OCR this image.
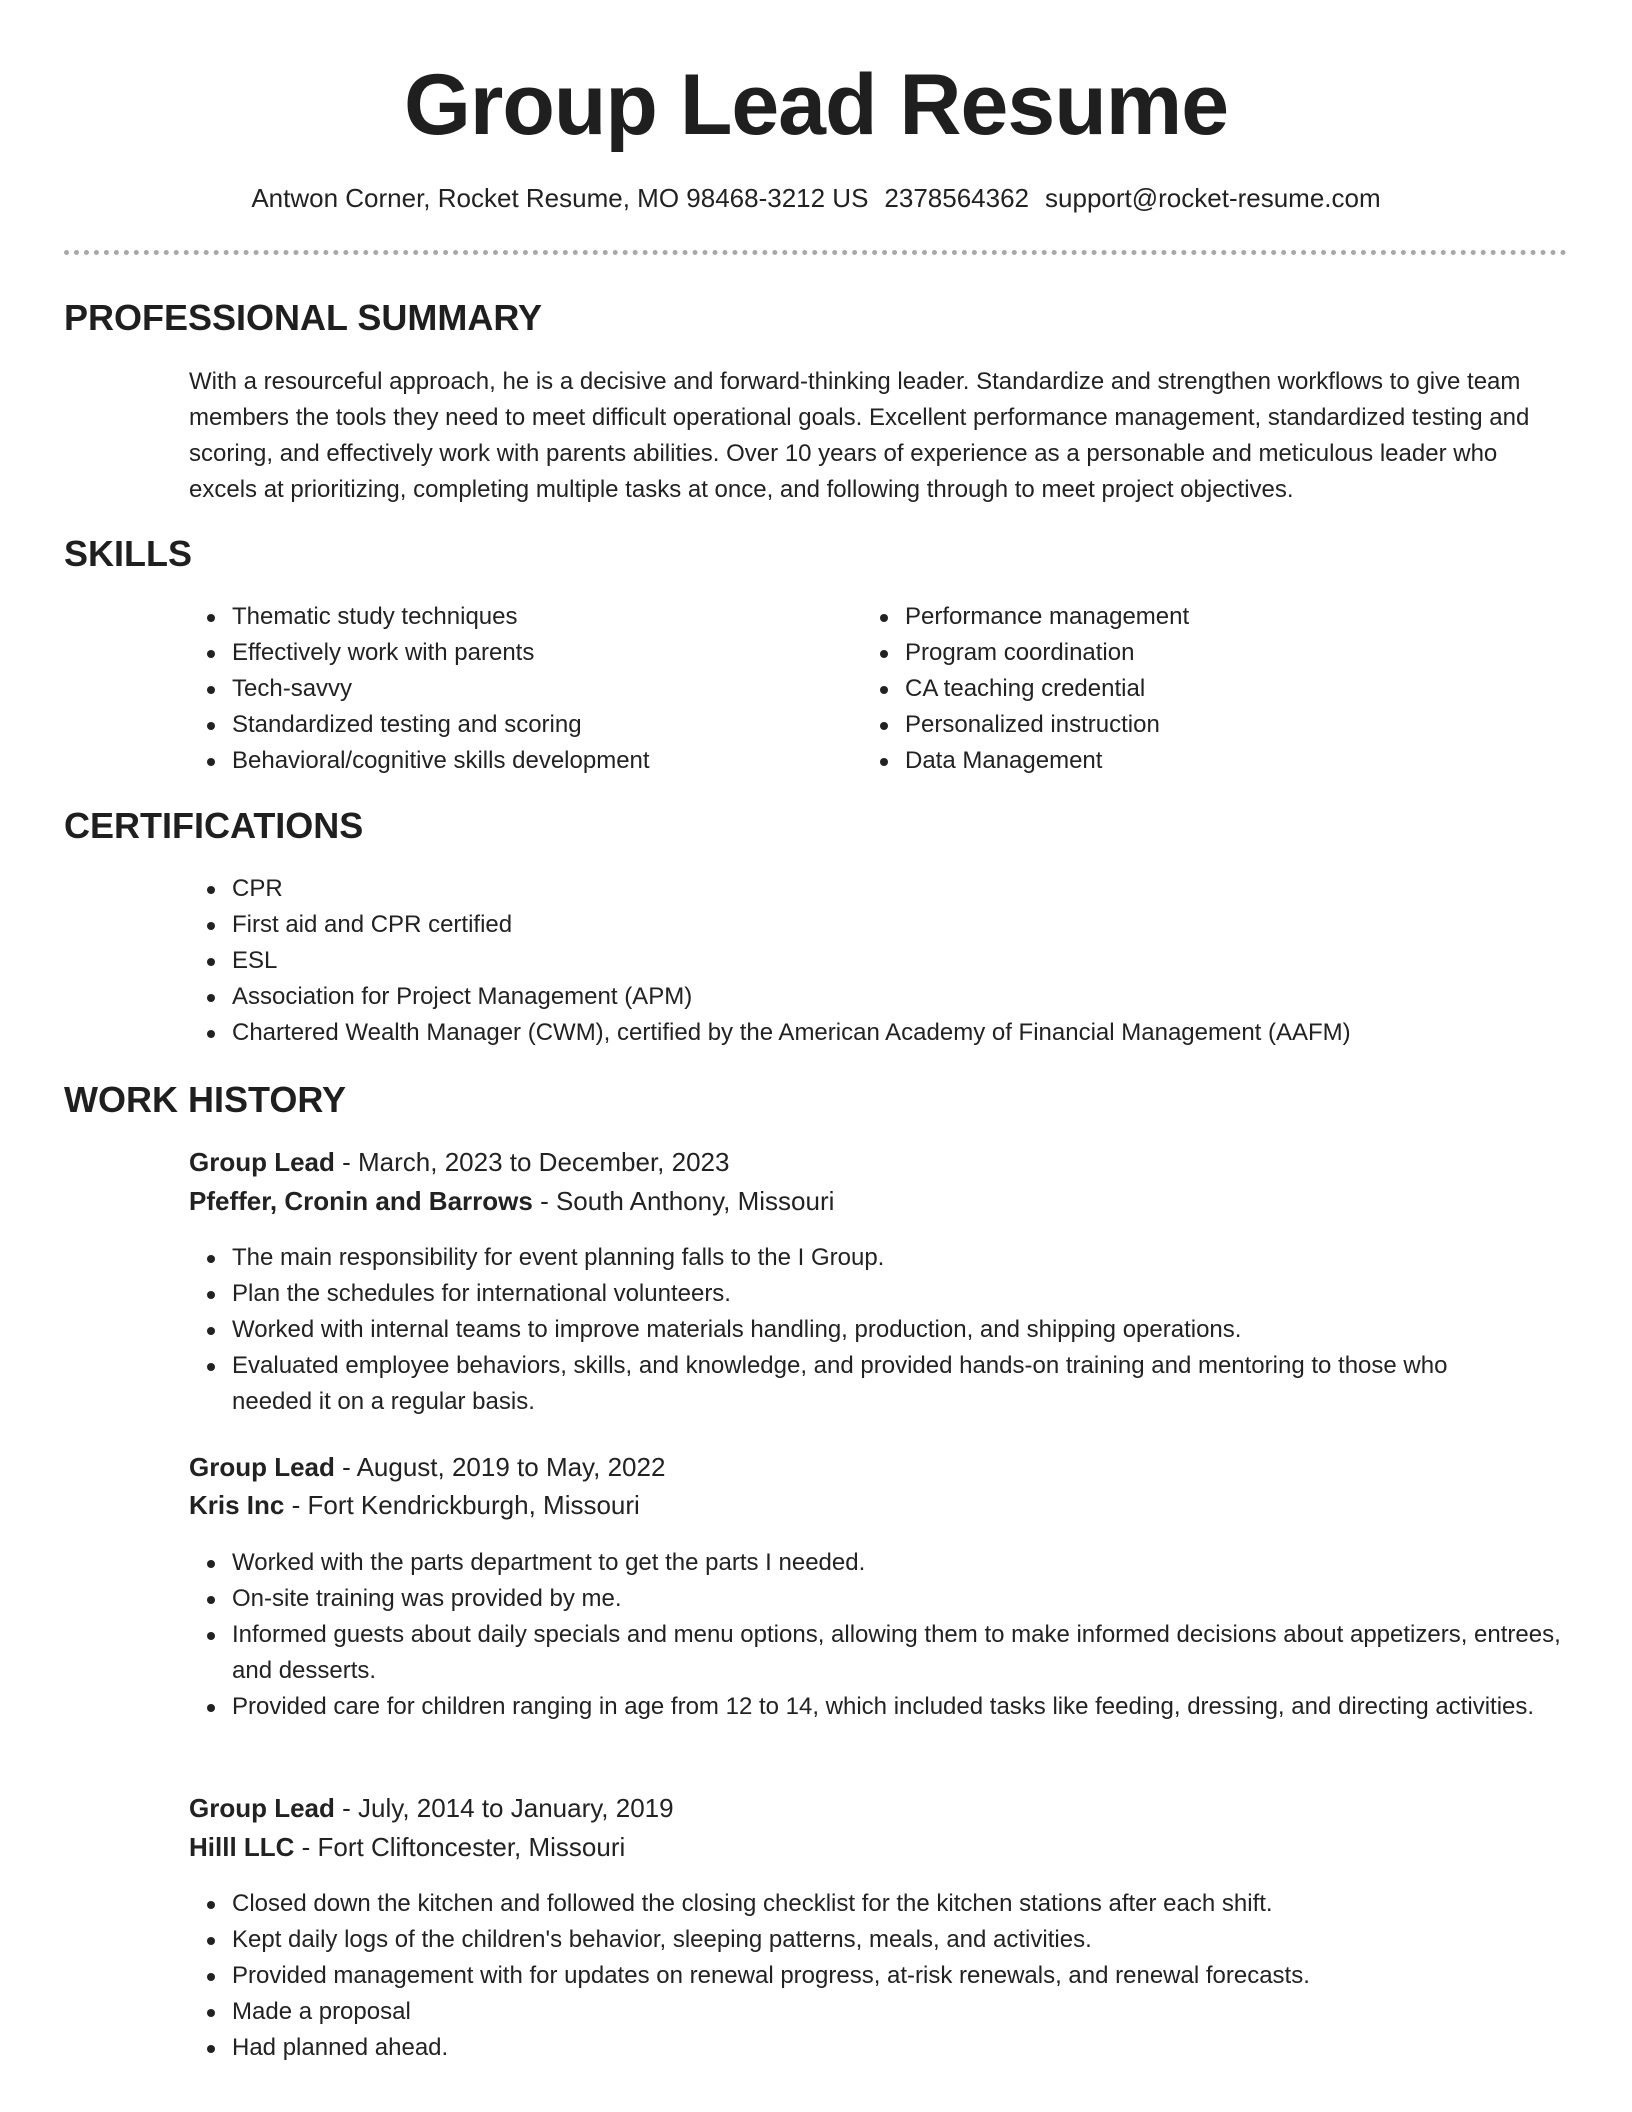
Group Lead Resume
Antwon Corner, Rocket Resume, MO 98468-3212 US 2378564362 support@rocket-resume.com
PROFESSIONAL SUMMARY
With a resourceful approach, he is a decisive and forward-thinking leader. Standardize and strengthen workflows to give team members the tools they need to meet difficult operational goals. Excellent performance management, standardized testing and scoring, and effectively work with parents abilities. Over 10 years of experience as a personable and meticulous leader who excels at prioritizing, completing multiple tasks at once, and following through to meet project objectives.
SKILLS
Thematic study techniques
Effectively work with parents
Tech-savvy
Standardized testing and scoring
Behavioral/cognitive skills development
Performance management
Program coordination
CA teaching credential
Personalized instruction
Data Management
CERTIFICATIONS
CPR
First aid and CPR certified
ESL
Association for Project Management (APM)
Chartered Wealth Manager (CWM), certified by the American Academy of Financial Management (AAFM)
WORK HISTORY
Group Lead - March, 2023 to December, 2023
Pfeffer, Cronin and Barrows - South Anthony, Missouri
The main responsibility for event planning falls to the I Group.
Plan the schedules for international volunteers.
Worked with internal teams to improve materials handling, production, and shipping operations.
Evaluated employee behaviors, skills, and knowledge, and provided hands-on training and mentoring to those who needed it on a regular basis.
Group Lead - August, 2019 to May, 2022
Kris Inc - Fort Kendrickburgh, Missouri
Worked with the parts department to get the parts I needed.
On-site training was provided by me.
Informed guests about daily specials and menu options, allowing them to make informed decisions about appetizers, entrees, and desserts.
Provided care for children ranging in age from 12 to 14, which included tasks like feeding, dressing, and directing activities.
Group Lead - July, 2014 to January, 2019
Hilll LLC - Fort Cliftoncester, Missouri
Closed down the kitchen and followed the closing checklist for the kitchen stations after each shift.
Kept daily logs of the children's behavior, sleeping patterns, meals, and activities.
Provided management with for updates on renewal progress, at-risk renewals, and renewal forecasts.
Made a proposal
Had planned ahead.
